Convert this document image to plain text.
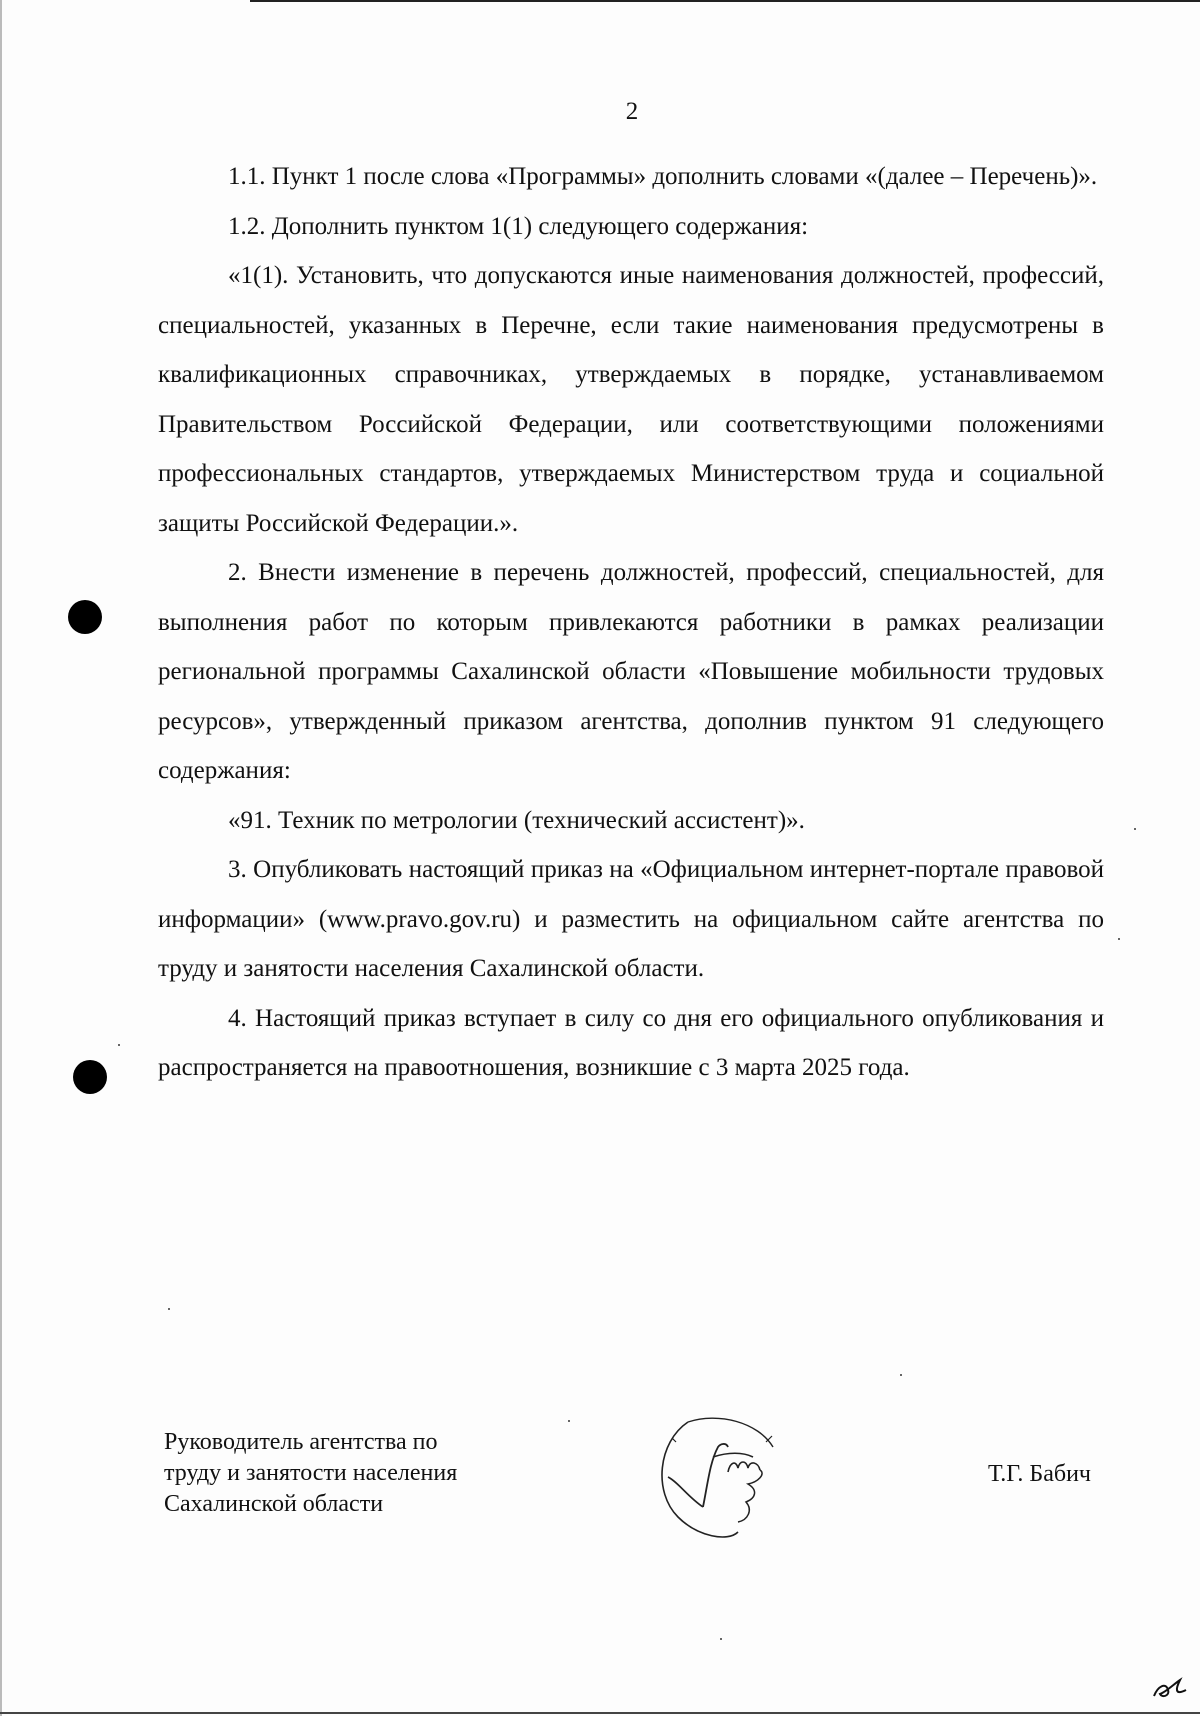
2

1.1. Пункт 1 после слова «Программы» дополнить словами «(далее – Перечень)».

1.2. Дополнить пунктом 1(1) следующего содержания:

«1(1). Установить, что допускаются иные наименования должностей, профессий, специальностей, указанных в Перечне, если такие наименования предусмотрены в квалификационных справочниках, утверждаемых в порядке, устанавливаемом Правительством Российской Федерации, или соответствующими положениями профессиональных стандартов, утверждаемых Министерством труда и социальной защиты Российской Федерации.».

2. Внести изменение в перечень должностей, профессий, специальностей, для выполнения работ по которым привлекаются работники в рамках реализации региональной программы Сахалинской области «Повышение мобильности трудовых ресурсов», утвержденный приказом агентства, дополнив пунктом 91 следующего содержания:

«91. Техник по метрологии (технический ассистент)».

3. Опубликовать настоящий приказ на «Официальном интернет-портале правовой информации» (www.pravo.gov.ru) и разместить на официальном сайте агентства по труду и занятости населения Сахалинской области.

4. Настоящий приказ вступает в силу со дня его официального опубликования и распространяется на правоотношения, возникшие с 3 марта 2025 года.

Руководитель агентства по
труду и занятости населения
Сахалинской области
Т.Г. Бабич
